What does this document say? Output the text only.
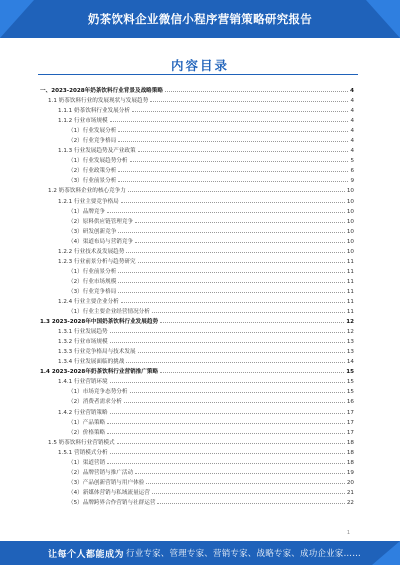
奶茶饮料企业微信小程序营销策略研究报告
内容目录
一、2023-2028年奶茶饮料行业背景及战略策略	4
1.1 奶茶饮料行业的发展现状与发展趋势	4
1.1.1 奶茶饮料行业发展分析	4
1.1.2 行业市场规模	4
（1）行业发展分析	4
（2）行业竞争格局	4
1.1.3 行业发展趋势及产业政策	4
（1）行业发展趋势分析	5
（2）行业政策分析	6
（3）行业前景分析	9
1.2 奶茶饮料企业的核心竞争力	10
1.2.1 行业主要竞争格局	10
（1）品牌竞争	10
（2）原料供应链管理竞争	10
（3）研发创新竞争	10
（4）渠道布局与营销竞争	10
1.2.2 行业技术及发展趋势	10
1.2.3 行业前景分析与趋势研究	11
（1）行业前景分析	11
（2）行业市场规模	11
（3）行业竞争格局	11
1.2.4 行业主要企业分析	11
（1）行业主要企业经营情况分析	11
1.3 2023-2028年中国奶茶饮料行业发展趋势	12
1.3.1 行业发展趋势	12
1.3.2 行业市场规模	13
1.3.3 行业竞争格局与技术发展	13
1.3.4 行业发展面临的挑战	14
1.4 2023-2028年奶茶饮料行业营销推广策略	15
1.4.1 行业营销环境	15
（1）市场竞争态势分析	15
（2）消费者需求分析	16
1.4.2 行业营销策略	17
（1）产品策略	17
（2）价格策略	17
1.5 奶茶饮料行业营销模式	18
1.5.1 营销模式分析	18
（1）渠道营销	18
（2）品牌营销与推广活动	19
（3）产品创新营销与用户体验	20
（4）新媒体营销与私域流量运营	21
（5）品牌跨界合作营销与社群运营	22
1
让每个人都能成为 行业专家、管理专家、营销专家、战略专家、成功企业家……
